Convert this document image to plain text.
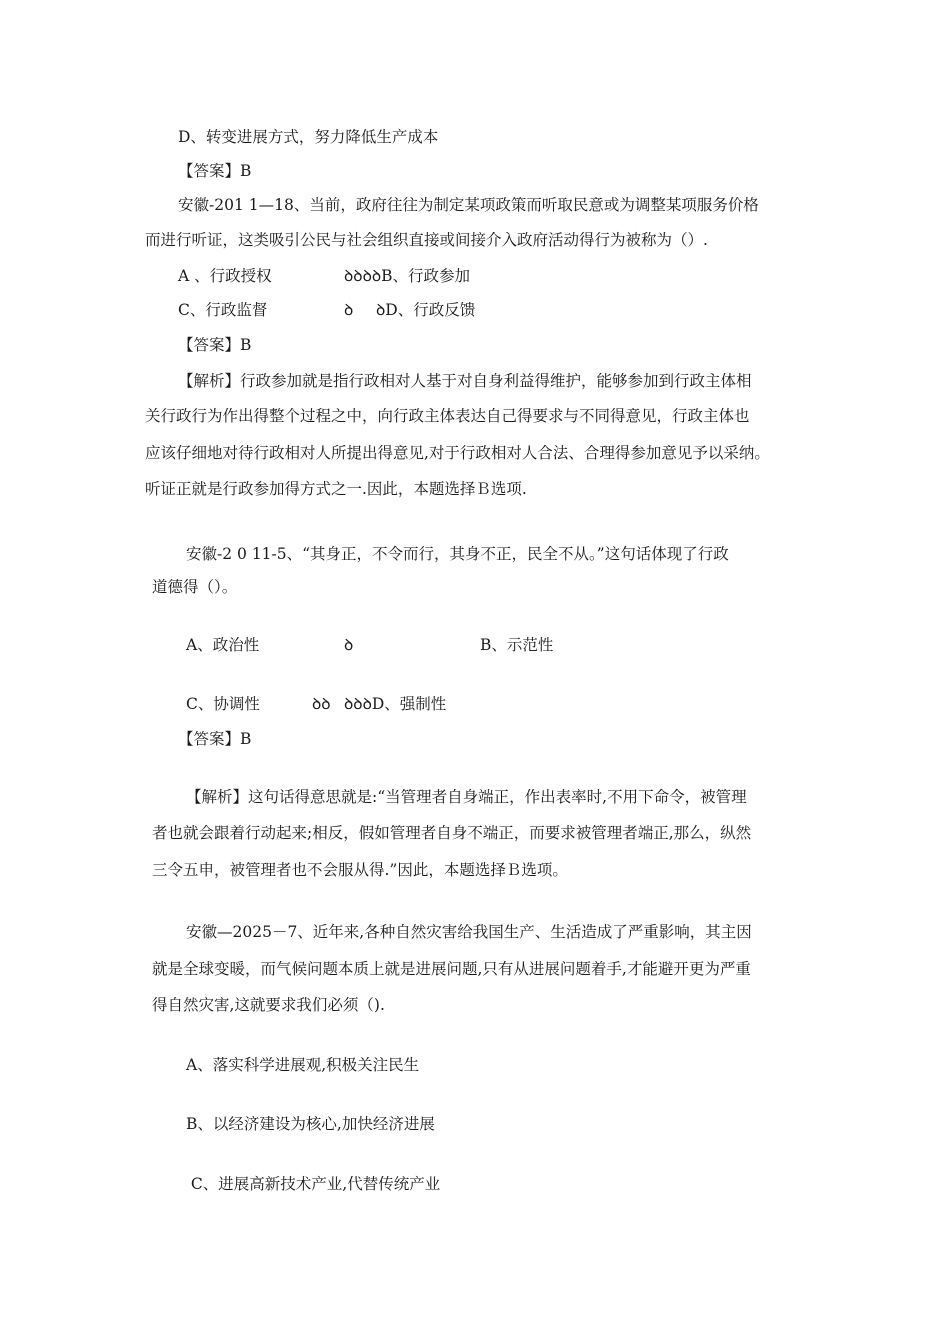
D、转变进展方式，努力降低生产成本
【答案】B
安徽-201 1—18、当前，政府往往为制定某项政策而听取民意或为调整某项服务价格
而进行听证，这类吸引公民与社会组织直接或间接介入政府活动得行为被称为（）.
A 、行政授权	ꝺꝺꝺꝺB、行政参加
C、行政监督	ꝺ ꝺD、行政反馈
【答案】B
【解析】行政参加就是指行政相对人基于对自身利益得维护，能够参加到行政主体相
关行政行为作出得整个过程之中，向行政主体表达自己得要求与不同得意见，行政主体也
应该仔细地对待行政相对人所提出得意见,对于行政相对人合法、合理得参加意见予以采纳。
听证正就是行政参加得方式之一.因此，本题选择Ｂ选项.
安徽-2 0 11-5、“其身正，不令而行，其身不正，民全不从。”这句话体现了行政
道德得（）。
A、政治性	ꝺ	B、示范性
C、协调性	ꝺꝺ ꝺꝺꝺD、强制性
【答案】B
【解析】这句话得意思就是:“当管理者自身端正，作出表率时,不用下命令，被管理
者也就会跟着行动起来;相反，假如管理者自身不端正，而要求被管理者端正,那么，纵然
三令五申，被管理者也不会服从得.”因此，本题选择Ｂ选项。
安徽—2025－7、近年来,各种自然灾害给我国生产、生活造成了严重影响，其主因
就是全球变暖，而气候问题本质上就是进展问题,只有从进展问题着手,才能避开更为严重
得自然灾害,这就要求我们必须（).
A、落实科学进展观,积极关注民生
B、以经济建设为核心,加快经济进展
C、进展高新技术产业,代替传统产业
